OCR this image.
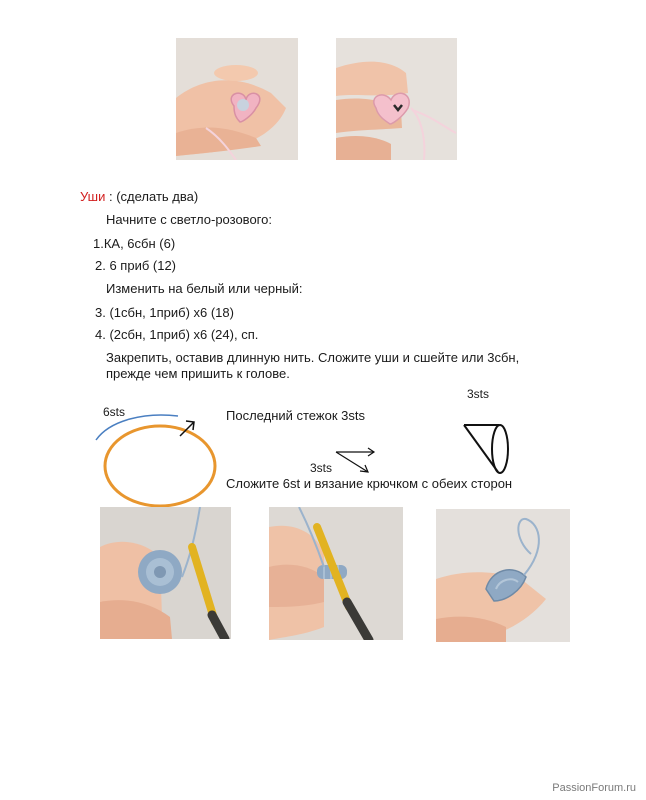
Уши : (сделать два)
Начните с светло-розового:
1.КА, 6сбн (6)
2. 6 приб (12)
Изменить на белый или черный:
3. (1сбн, 1приб) х6 (18)
4. (2сбн, 1приб) х6 (24), сп.
Закрепить, оставив длинную нить. Сложите уши и сшейте или 3сбн,
прежде чем пришить к голове.
6sts
3sts
Последний стежок 3sts
3sts
Сложите 6st и вязание крючком с обеих сторон
PassionForum.ru
